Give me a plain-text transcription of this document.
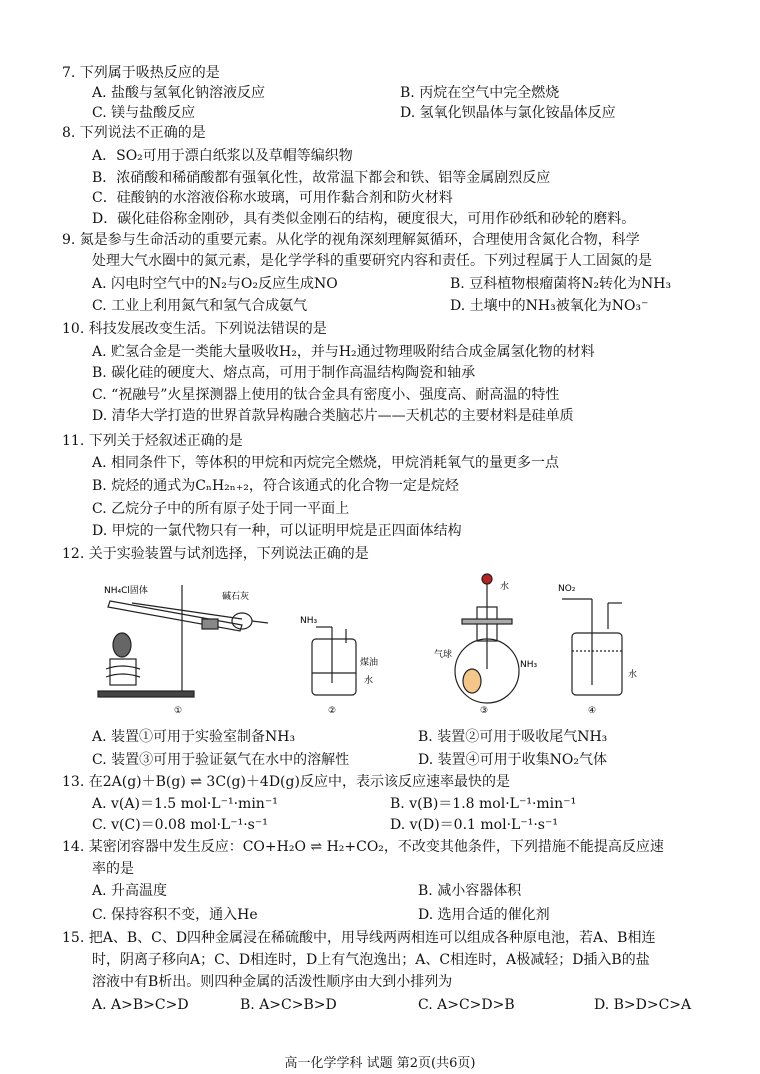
7. 下列属于吸热反应的是
A. 盐酸与氢氧化钠溶液反应	B. 丙烷在空气中完全燃烧
C. 镁与盐酸反应	D. 氢氧化钡晶体与氯化铵晶体反应
8. 下列说法不正确的是
A．SO₂可用于漂白纸浆以及草帽等编织物
B．浓硝酸和稀硝酸都有强氧化性，故常温下都会和铁、铝等金属剧烈反应
C．硅酸钠的水溶液俗称水玻璃，可用作黏合剂和防火材料
D．碳化硅俗称金刚砂，具有类似金刚石的结构，硬度很大，可用作砂纸和砂轮的磨料。
9. 氮是参与生命活动的重要元素。从化学的视角深刻理解氮循环，合理使用含氮化合物，科学
处理大气水圈中的氮元素，是化学学科的重要研究内容和责任。下列过程属于人工固氮的是
A. 闪电时空气中的N₂与O₂反应生成NO	B. 豆科植物根瘤菌将N₂转化为NH₃
C. 工业上利用氮气和氢气合成氨气	D. 土壤中的NH₃被氧化为NO₃⁻
10. 科技发展改变生活。下列说法错误的是
A. 贮氢合金是一类能大量吸收H₂，并与H₂通过物理吸附结合成金属氢化物的材料
B. 碳化硅的硬度大、熔点高，可用于制作高温结构陶瓷和轴承
C. “祝融号”火星探测器上使用的钛合金具有密度小、强度高、耐高温的特性
D. 清华大学打造的世界首款异构融合类脑芯片——天机芯的主要材料是硅单质
11. 下列关于烃叙述正确的是
A. 相同条件下，等体积的甲烷和丙烷完全燃烧，甲烷消耗氧气的量更多一点
B. 烷烃的通式为CₙH₂ₙ₊₂，符合该通式的化合物一定是烷烃
C. 乙烷分子中的所有原子处于同一平面上
D. 甲烷的一氯代物只有一种，可以证明甲烷是正四面体结构
12. 关于实验装置与试剂选择，下列说法正确的是
NH₄Cl固体
碱石灰
①
NH₃
煤油
水
②
水
气球
NH₃
③
NO₂
水
④
A. 装置①可用于实验室制备NH₃	B. 装置②可用于吸收尾气NH₃
C. 装置③可用于验证氨气在水中的溶解性	D. 装置④可用于收集NO₂气体
13. 在2A(g)＋B(g) ⇌ 3C(g)＋4D(g)反应中，表示该反应速率最快的是
A. v(A)＝1.5 mol·L⁻¹·min⁻¹	B. v(B)＝1.8 mol·L⁻¹·min⁻¹
C. v(C)＝0.08 mol·L⁻¹·s⁻¹	D. v(D)＝0.1 mol·L⁻¹·s⁻¹
14. 某密闭容器中发生反应：CO+H₂O ⇌ H₂+CO₂，不改变其他条件，下列措施不能提高反应速
率的是
A. 升高温度	B. 减小容器体积
C. 保持容积不变，通入He	D. 选用合适的催化剂
15. 把A、B、C、D四种金属浸在稀硫酸中，用导线两两相连可以组成各种原电池，若A、B相连
时，阴离子移向A；C、D相连时，D上有气泡逸出；A、C相连时，A极减轻；D插入B的盐
溶液中有B析出。则四种金属的活泼性顺序由大到小排列为
A. A>B>C>D	B. A>C>B>D	C. A>C>D>B	D. B>D>C>A
高一化学学科 试题 第2页(共6页)
